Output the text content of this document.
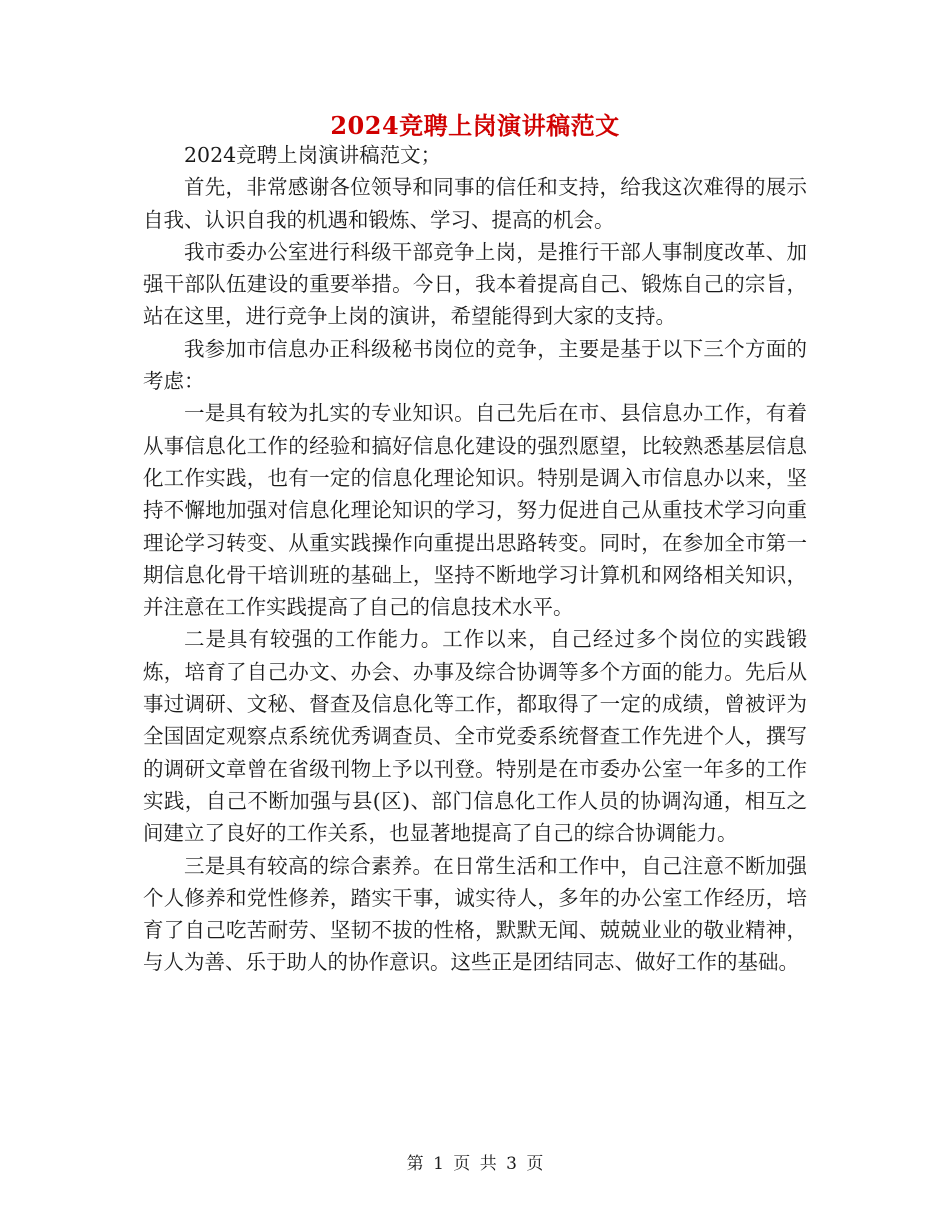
2024竞聘上岗演讲稿范文

2024竞聘上岗演讲稿范文；

首先，非常感谢各位领导和同事的信任和支持，给我这次难得的展示自我、认识自我的机遇和锻炼、学习、提高的机会。

我市委办公室进行科级干部竞争上岗，是推行干部人事制度改革、加强干部队伍建设的重要举措。今日，我本着提高自己、锻炼自己的宗旨，站在这里，进行竞争上岗的演讲，希望能得到大家的支持。

我参加市信息办正科级秘书岗位的竞争，主要是基于以下三个方面的考虑：

一是具有较为扎实的专业知识。自己先后在市、县信息办工作，有着从事信息化工作的经验和搞好信息化建设的强烈愿望，比较熟悉基层信息化工作实践，也有一定的信息化理论知识。特别是调入市信息办以来，坚持不懈地加强对信息化理论知识的学习，努力促进自己从重技术学习向重理论学习转变、从重实践操作向重提出思路转变。同时，在参加全市第一期信息化骨干培训班的基础上，坚持不断地学习计算机和网络相关知识，并注意在工作实践提高了自己的信息技术水平。

二是具有较强的工作能力。工作以来，自己经过多个岗位的实践锻炼，培育了自己办文、办会、办事及综合协调等多个方面的能力。先后从事过调研、文秘、督查及信息化等工作，都取得了一定的成绩，曾被评为全国固定观察点系统优秀调查员、全市党委系统督查工作先进个人，撰写的调研文章曾在省级刊物上予以刊登。特别是在市委办公室一年多的工作实践，自己不断加强与县(区)、部门信息化工作人员的协调沟通，相互之间建立了良好的工作关系，也显著地提高了自己的综合协调能力。

三是具有较高的综合素养。在日常生活和工作中，自己注意不断加强个人修养和党性修养，踏实干事，诚实待人，多年的办公室工作经历，培育了自己吃苦耐劳、坚韧不拔的性格，默默无闻、兢兢业业的敬业精神，与人为善、乐于助人的协作意识。这些正是团结同志、做好工作的基础。

第 1 页 共 3 页
